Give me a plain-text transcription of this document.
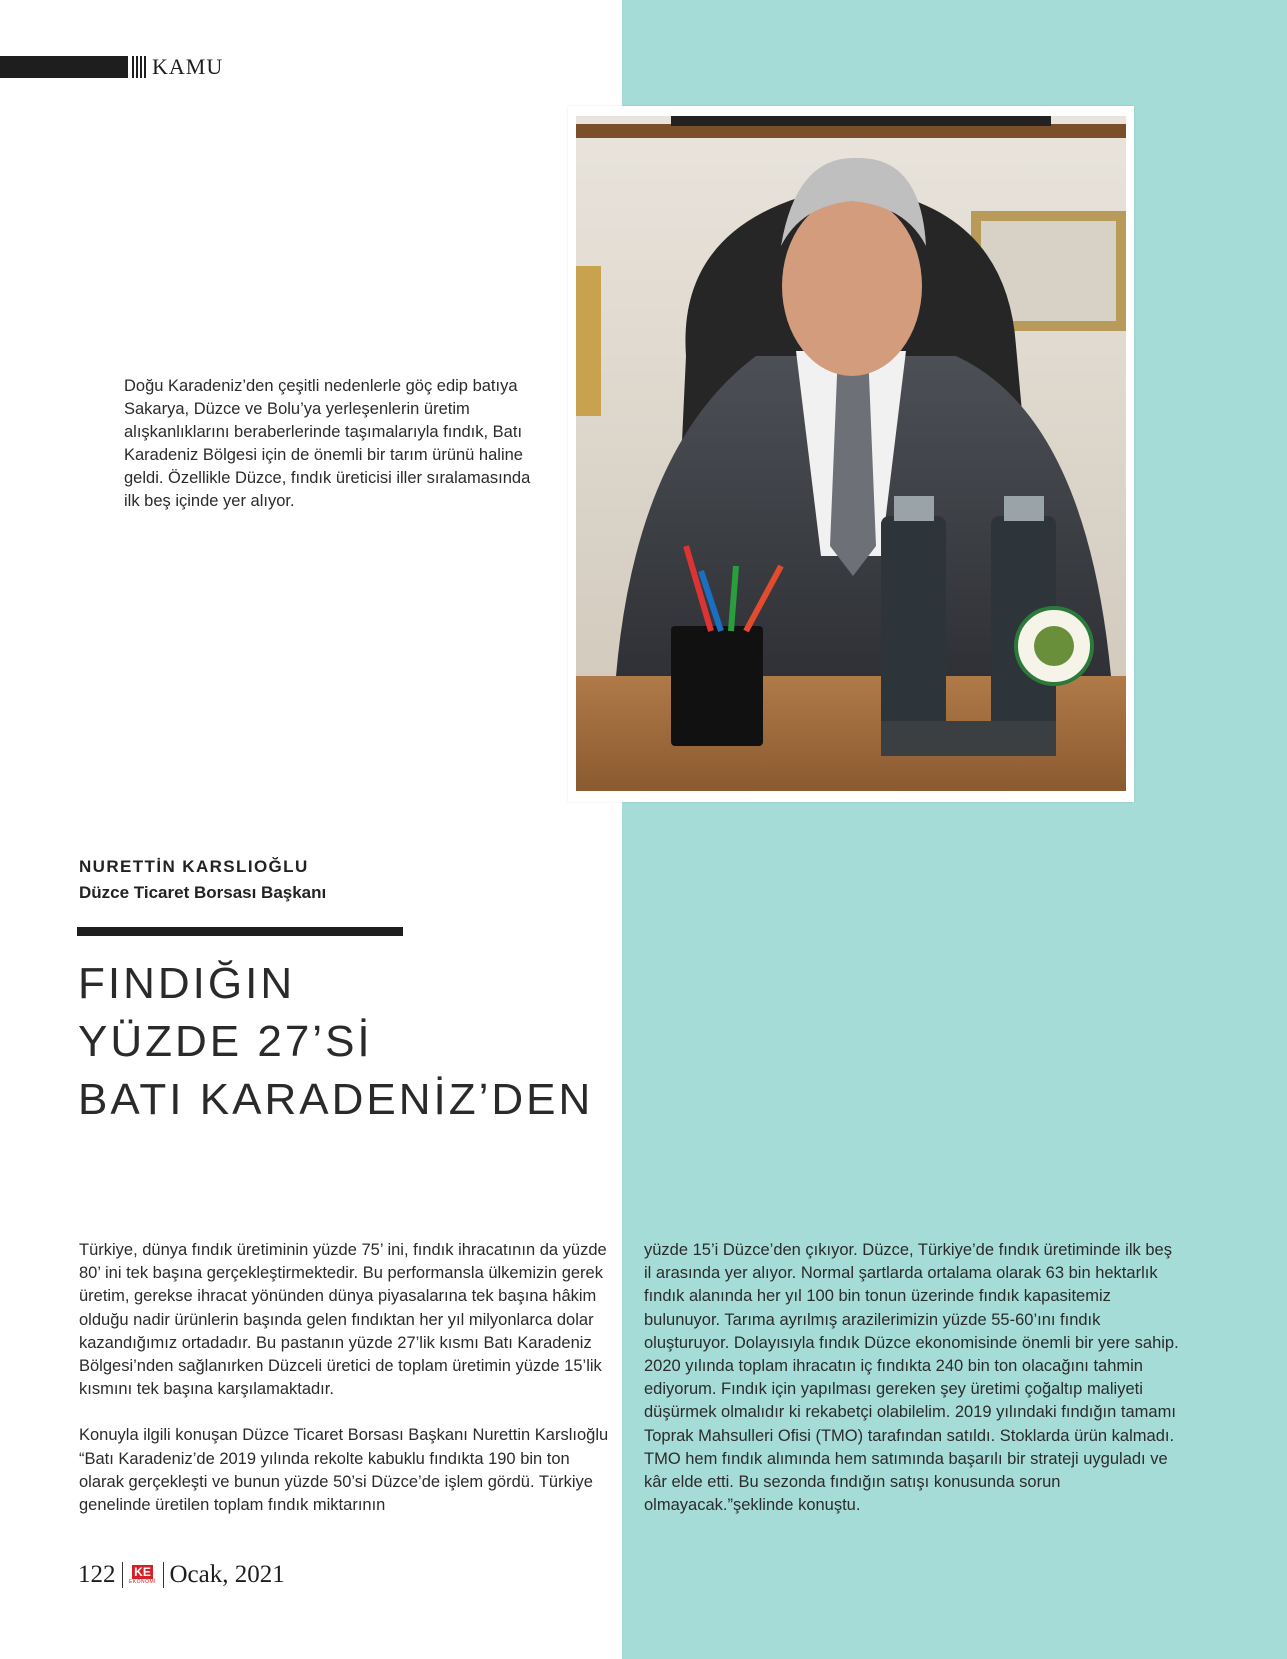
KAMU

Doğu Karadeniz’den çeşitli nedenlerle göç edip batıya Sakarya, Düzce ve Bolu’ya yerleşenlerin üretim alışkanlıklarını beraberlerinde taşımalarıyla fındık, Batı Karadeniz Bölgesi için de önemli bir tarım ürünü haline geldi. Özellikle Düzce, fındık üreticisi iller sıralamasında ilk beş içinde yer alıyor.

NURETTİN KARSLIOĞLU
Düzce Ticaret Borsası Başkanı
FINDIĞIN
YÜZDE 27’Sİ
BATI KARADENİZ’DEN

Türkiye, dünya fındık üretiminin yüzde 75’ ini, fındık ihracatının da yüzde 80’ ini tek başına gerçekleştirmektedir. Bu performansla ülkemizin gerek üretim, gerekse ihracat yönünden dünya piyasalarına tek başına hâkim olduğu nadir ürünlerin başında gelen fındıktan her yıl milyonlarca dolar kazandığımız ortadadır. Bu pastanın yüzde 27’lik kısmı Batı Karadeniz Bölgesi’nden sağlanırken Düzceli üretici de toplam üretimin yüzde 15’lik kısmını tek başına karşılamaktadır.

Konuyla ilgili konuşan Düzce Ticaret Borsası Başkanı Nurettin Karslıoğlu “Batı Karadeniz’de 2019 yılında rekolte kabuklu fındıkta 190 bin ton olarak gerçekleşti ve bunun yüzde 50’si Düzce’de işlem gördü. Türkiye genelinde üretilen toplam fındık miktarının

yüzde 15’i Düzce’den çıkıyor. Düzce, Türkiye’de fındık üretiminde ilk beş il arasında yer alıyor. Normal şartlarda ortalama olarak 63 bin hektarlık fındık alanında her yıl 100 bin tonun üzerinde fındık kapasitemiz bulunuyor. Tarıma ayrılmış arazilerimizin yüzde 55-60’ını fındık oluşturuyor. Dolayısıyla fındık Düzce ekonomisinde önemli bir yere sahip. 2020 yılında toplam ihracatın iç fındıkta 240 bin ton olacağını tahmin ediyorum. Fındık için yapılması gereken şey üretimi çoğaltıp maliyeti düşürmek olmalıdır ki rekabetçi olabilelim. 2019 yılındaki fındığın tamamı Toprak Mahsulleri Ofisi (TMO) tarafından satıldı. Stoklarda ürün kalmadı. TMO hem fındık alımında hem satımında başarılı bir strateji uyguladı ve kâr elde etti. Bu sezonda fındığın satışı konusunda sorun olmayacak.”şeklinde konuştu.

122 KE
EKONOMİ Ocak, 2021
